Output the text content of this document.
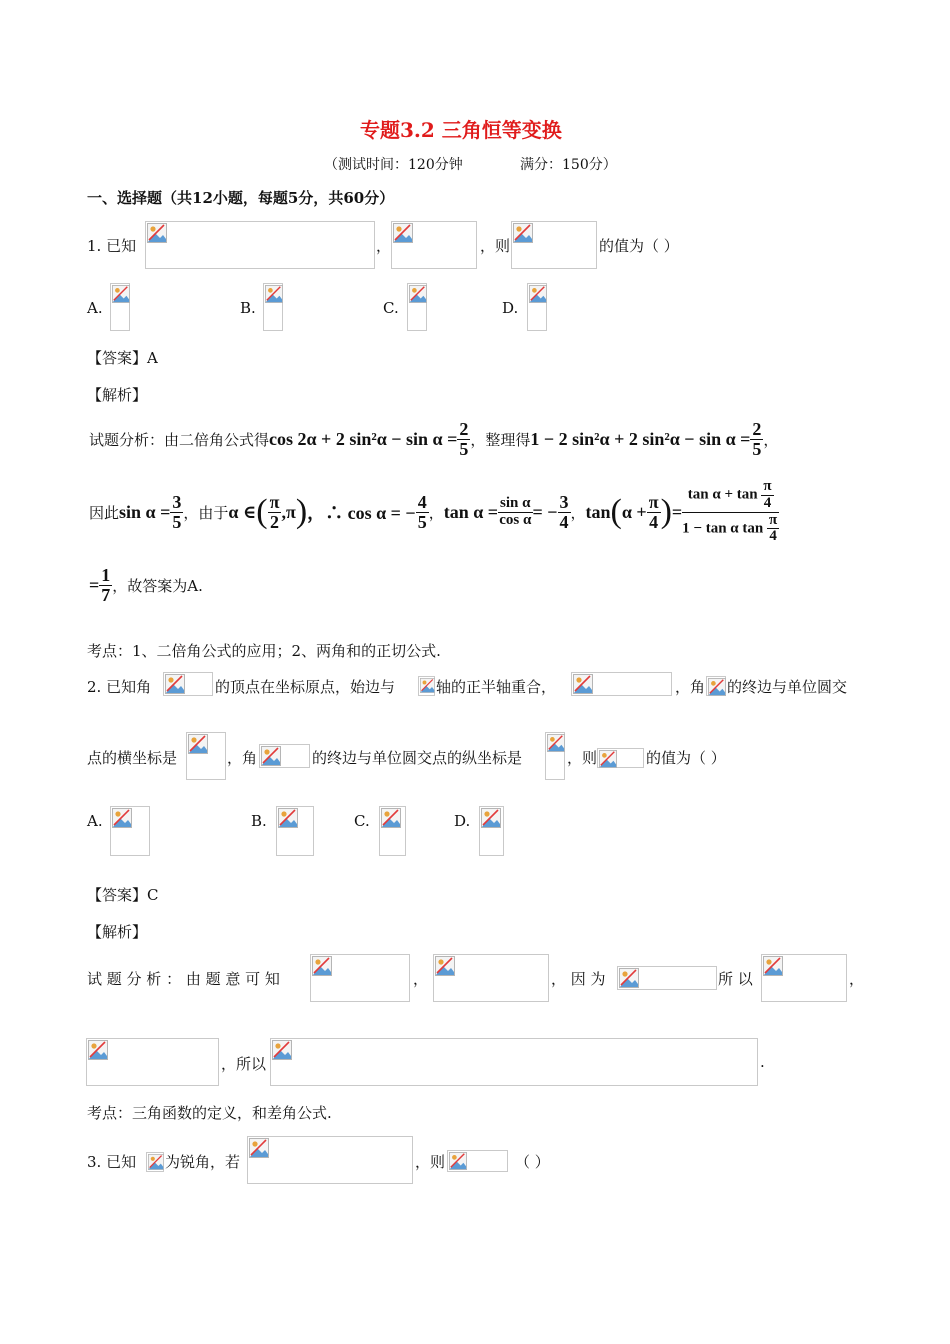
专题3.2 三角恒等变换
（测试时间：120分钟	满分：150分）
一、选择题（共12小题，每题5分，共60分）
1. 已知	，	，则	的值为（ ）
A.	B.	C.	D.
【答案】A
【解析】
试题分析：由二倍角公式得 cos 2α + 2 $\sin^2\alpha - \sin \alpha = \frac{2}{5}$ ，整理得 1 − 2 sin²α + 2 $\sin^2\alpha - \sin \alpha = \frac{2}{5}$ ，
因此 $\sin \alpha = \frac{3}{5}$ ，由于 α ∈ ( $\frac{\pi}{2} ,\pi$ ) ，∴ cos α = − $\frac{4}{5}$ ， $\tan \alpha = \frac{\text{sin α}}{\text{cos α}}$ = − $\frac{3}{4}$ ， tan ( $\alpha + \frac{\pi}{4}$ ) = $\frac{\tan \alpha + \tan \frac{\pi}{4}}{1 - \tan \alpha \tan \frac{\pi}{4}}$
= $\frac{1}{7}$ ，故答案为A.
考点：1、二倍角公式的应用；2、两角和的正切公式.
2. 已知角	的顶点在坐标原点，始边与	轴的正半轴重合，	，角 的终边与单位圆交
点的横坐标是	，角	的终边与单位圆交点的纵坐标是	，则	的值为（ ）
A.	B.	C.	D.
【答案】C
【解析】
试 题 分 析 ： 由 题 意 可 知	，	， 因 为	所 以	，
，所以	.
考点：三角函数的定义，和差角公式.
3. 已知 为锐角，若	，则	（ ）
